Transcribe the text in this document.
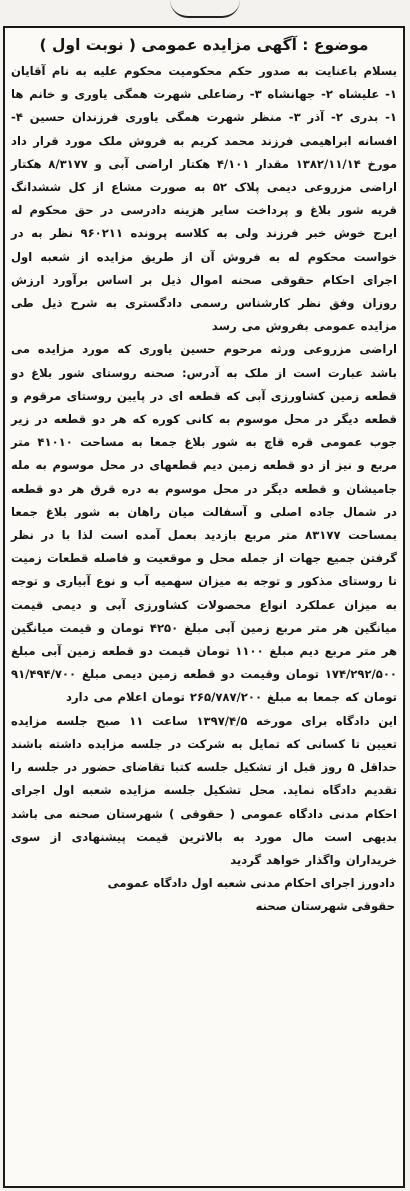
موضوع : آگهی مزایده عمومی ( نوبت اول )

بسلام باعنایت به صدور حکم محکومیت محکوم علیه به نام آقایان ۱- علیشاه ۲- جهانشاه ۳- رضاعلی شهرت همگی یاوری و خانم ها ۱- بدری ۲- آذر ۳- منظر شهرت همگی یاوری فرزندان حسین ۴- افسانه ابراهیمی فرزند محمد کریم به فروش ملک مورد قرار داد مورخ ۱۳۸۲/۱۱/۱۴ مقدار ۴/۱۰۱ هکتار اراضی آبی و ۸/۳۱۷۷ هکتار اراضی مزروعی دیمی پلاک ۵۲ به صورت مشاع از کل ششدانگ قریه شور بلاغ و پرداخت سایر هزینه دادرسی در حق محکوم له ایرج خوش خبر فرزند ولی به کلاسه پرونده ۹۶۰۲۱۱ نظر به در خواست محکوم له به فروش آن از طریق مزایده از شعبه اول اجرای احکام حقوقی صحنه اموال ذیل بر اساس برآورد ارزش روزان وفق نظر کارشناس رسمی دادگستری به شرح ذیل طی مزایده عمومی بفروش می رسد

اراضی مزروعی ورثه مرحوم حسین یاوری که مورد مزایده می باشد عبارت است از ملک به آدرس: صحنه روستای شور بلاغ دو قطعه زمین کشاورزی آبی که قطعه ای در پایین روستای مرقوم و قطعه دیگر در محل موسوم به کانی کوره که هر دو قطعه در زیر جوب عمومی قره قاچ به شور بلاغ جمعا به مساحت ۴۱۰۱۰ متر مربع و نیز از دو قطعه زمین دیم قطعهای در محل موسوم به مله جامیشان و قطعه دیگر در محل موسوم به دره قرق هر دو قطعه در شمال جاده اصلی و آسفالت میان راهان به شور بلاغ جمعا بمساحت ۸۳۱۷۷ متر مربع بازدید بعمل آمده است لذا با در نظر گرفتن جمیع جهات از جمله محل و موقعیت و فاصله قطعات زمیت تا روستای مذکور و توجه به میزان سهمیه آب و نوع آبیاری و توجه به میزان عملکرد انواع محصولات کشاورزی آبی و دیمی قیمت میانگین هر متر مربع زمین آبی مبلغ ۴۲۵۰ تومان و قیمت میانگین هر متر مربع دیم مبلغ ۱۱۰۰ تومان قیمت دو قطعه زمین آبی مبلغ ۱۷۴/۲۹۲/۵۰۰ تومان وقیمت دو قطعه زمین دیمی مبلغ ۹۱/۴۹۴/۷۰۰ تومان که جمعا به مبلغ ۲۶۵/۷۸۷/۲۰۰ تومان اعلام می دارد

این دادگاه برای مورخه ۱۳۹۷/۴/۵ ساعت ۱۱ صبح جلسه مزایده تعیین تا کسانی که تمایل به شرکت در جلسه مزایده داشته باشند حداقل ۵ روز قبل از تشکیل جلسه کتبا تقاضای حضور در جلسه را تقدیم دادگاه نماید. محل تشکیل جلسه مزایده شعبه اول اجرای احکام مدنی دادگاه عمومی ( حقوقی ) شهرستان صحنه می باشد بدیهی است مال مورد به بالاترین قیمت پیشنهادی از سوی خریداران واگذار خواهد گردید

دادورز اجرای احکام مدنی شعبه اول دادگاه عمومی

حقوقی شهرستان صحنه
